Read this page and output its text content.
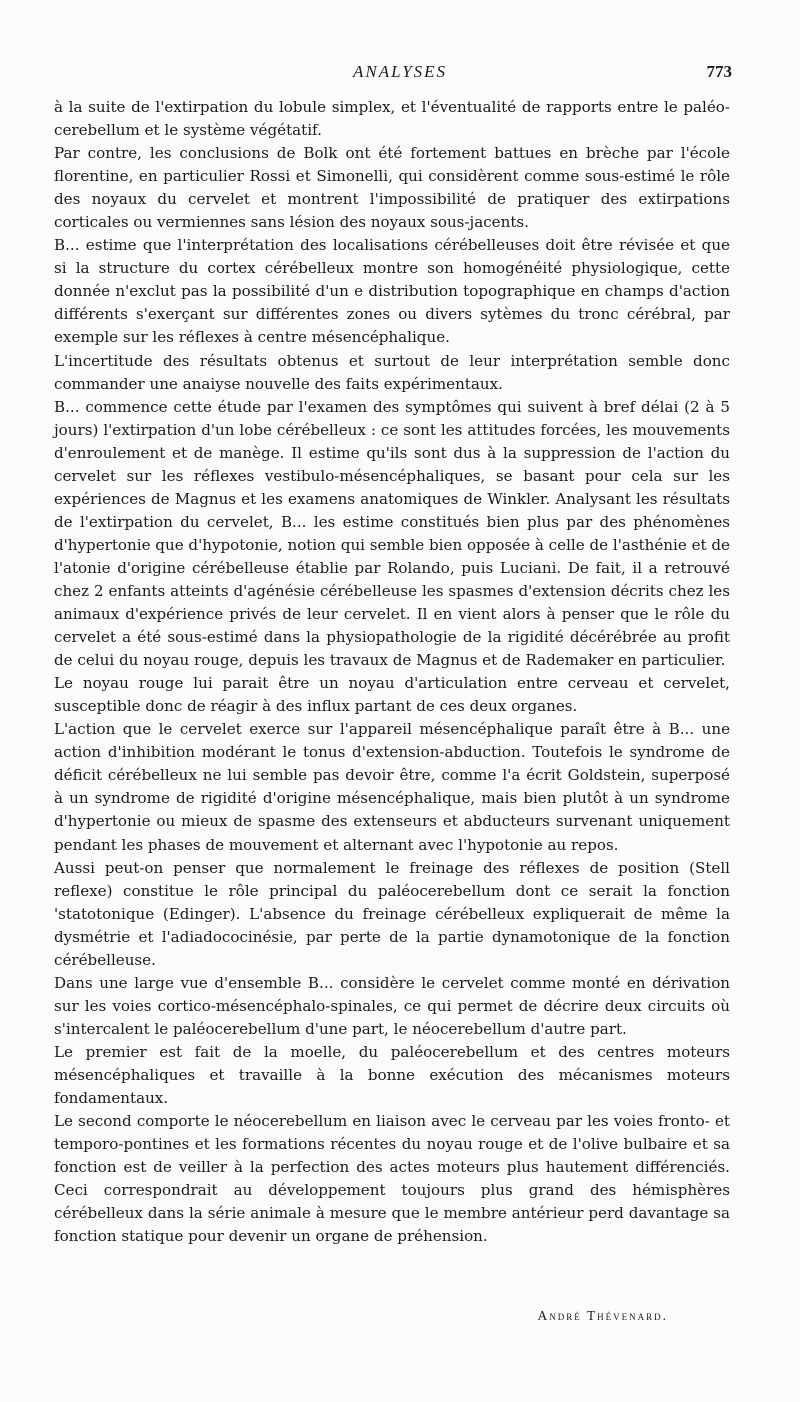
ANALYSES	773

à la suite de l'extirpation du lobule simplex, et l'éventualité de rapports entre le paléo-cerebellum et le système végétatif.

Par contre, les conclusions de Bolk ont été fortement battues en brèche par l'école florentine, en particulier Rossi et Simonelli, qui considèrent comme sous-estimé le rôle des noyaux du cervelet et montrent l'impossibilité de pratiquer des extirpations corticales ou vermiennes sans lésion des noyaux sous-jacents.

B... estime que l'interprétation des localisations cérébelleuses doit être révisée et que si la structure du cortex cérébelleux montre son homogénéité physiologique, cette donnée n'exclut pas la possibilité d'un e distribution topographique en champs d'action différents s'exerçant sur différentes zones ou divers sytèmes du tronc cérébral, par exemple sur les réflexes à centre mésencéphalique.

L'incertitude des résultats obtenus et surtout de leur interprétation semble donc commander une anaiyse nouvelle des faits expérimentaux.

B... commence cette étude par l'examen des symptômes qui suivent à bref délai (2 à 5 jours) l'extirpation d'un lobe cérébelleux : ce sont les attitudes forcées, les mouvements d'enroulement et de manège. Il estime qu'ils sont dus à la suppression de l'action du cervelet sur les réflexes vestibulo-mésencéphaliques, se basant pour cela sur les expériences de Magnus et les examens anatomiques de Winkler. Analysant les résultats de l'extirpation du cervelet, B... les estime constitués bien plus par des phénomènes d'hypertonie que d'hypotonie, notion qui semble bien opposée à celle de l'asthénie et de l'atonie d'origine cérébelleuse établie par Rolando, puis Luciani. De fait, il a retrouvé chez 2 enfants atteints d'agénésie cérébelleuse les spasmes d'extension décrits chez les animaux d'expérience privés de leur cervelet. Il en vient alors à penser que le rôle du cervelet a été sous-estimé dans la physiopathologie de la rigidité décérébrée au profit de celui du noyau rouge, depuis les travaux de Magnus et de Rademaker en particulier.

Le noyau rouge lui parait être un noyau d'articulation entre cerveau et cervelet, susceptible donc de réagir à des influx partant de ces deux organes.

L'action que le cervelet exerce sur l'appareil mésencéphalique paraît être à B... une action d'inhibition modérant le tonus d'extension-abduction. Toutefois le syndrome de déficit cérébelleux ne lui semble pas devoir être, comme l'a écrit Goldstein, superposé à un syndrome de rigidité d'origine mésencéphalique, mais bien plutôt à un syndrome d'hypertonie ou mieux de spasme des extenseurs et abducteurs survenant uniquement pendant les phases de mouvement et alternant avec l'hypotonie au repos.

Aussi peut-on penser que normalement le freinage des réflexes de position (Stell reflexe) constitue le rôle principal du paléocerebellum dont ce serait la fonction 'statotonique (Edinger). L'absence du freinage cérébelleux expliquerait de même la dysmétrie et l'adiadococinésie, par perte de la partie dynamotonique de la fonction cérébelleuse.

Dans une large vue d'ensemble B... considère le cervelet comme monté en dérivation sur les voies cortico-mésencéphalo-spinales, ce qui permet de décrire deux circuits où s'intercalent le paléocerebellum d'une part, le néocerebellum d'autre part.

Le premier est fait de la moelle, du paléocerebellum et des centres moteurs mésencéphaliques et travaille à la bonne exécution des mécanismes moteurs fondamentaux.

Le second comporte le néocerebellum en liaison avec le cerveau par les voies fronto- et temporo-pontines et les formations récentes du noyau rouge et de l'olive bulbaire et sa fonction est de veiller à la perfection des actes moteurs plus hautement différenciés. Ceci correspondrait au développement toujours plus grand des hémisphères cérébelleux dans la série animale à mesure que le membre antérieur perd davantage sa fonction statique pour devenir un organe de préhension.

André Thévenard.
